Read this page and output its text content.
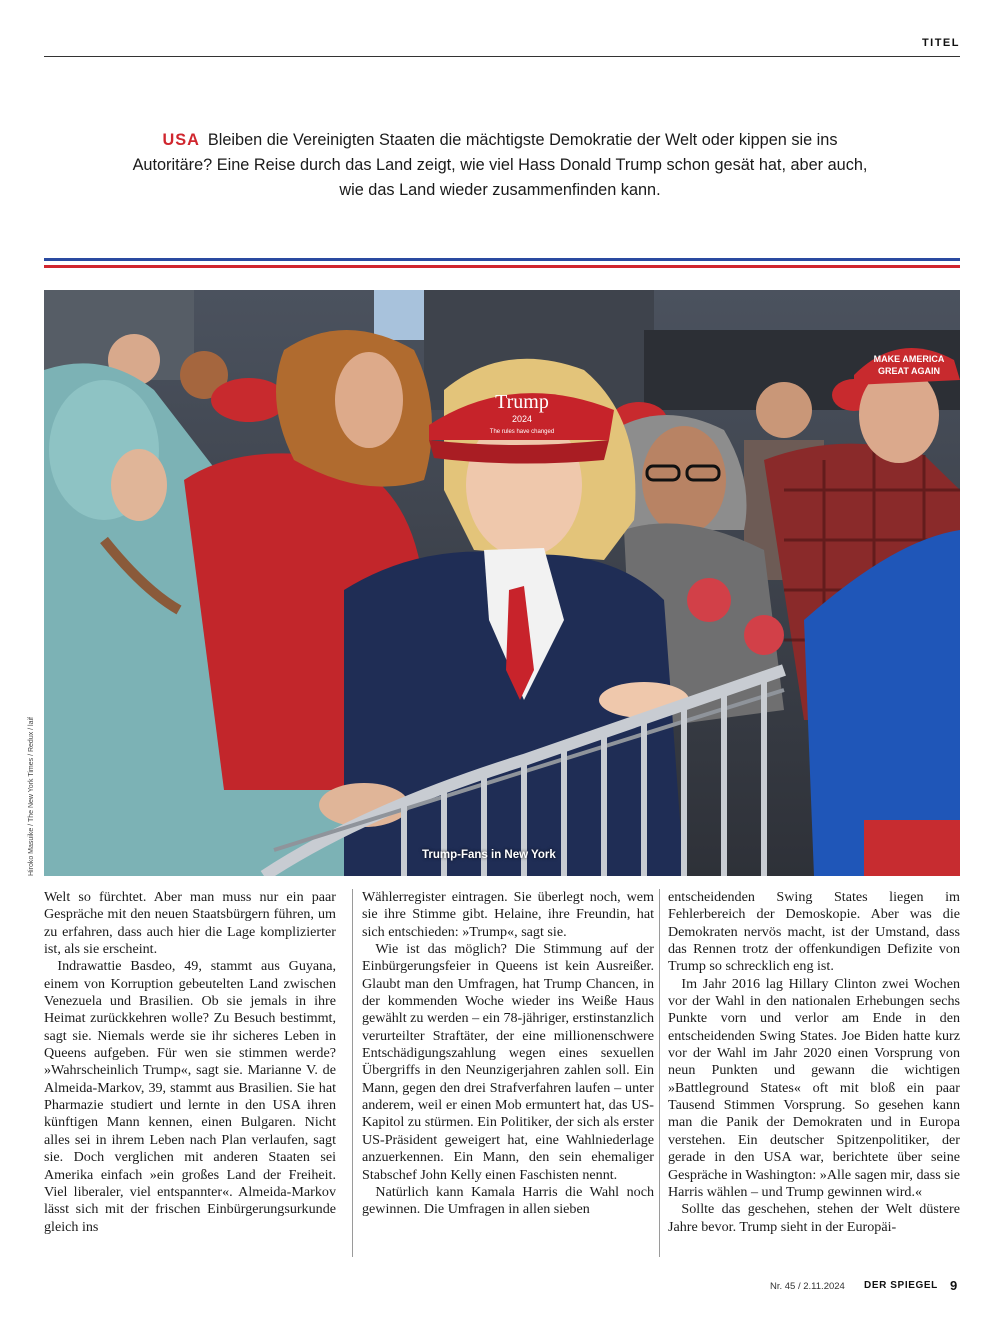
TITEL
USA Bleiben die Vereinigten Staaten die mächtigste Demokratie der Welt oder kippen sie ins Autoritäre? Eine Reise durch das Land zeigt, wie viel Hass Donald Trump schon gesät hat, aber auch, wie das Land wieder zusammenfinden kann.
MAKE AMERICA
GREAT AGAIN
Trump
2024
The rules have changed
Trump-Fans in New York
Hiroko Masuike / The New York Times / Redux / laif

Welt so fürchtet. Aber man muss nur ein paar Gespräche mit den neuen Staatsbürgern führen, um zu erfahren, dass auch hier die Lage komplizierter ist, als sie erscheint.

Indrawattie Basdeo, 49, stammt aus Guyana, einem von Korruption gebeutelten Land zwischen Venezuela und Brasilien. Ob sie jemals in ihre Heimat zurückkehren wolle? Zu Besuch bestimmt, sagt sie. Niemals werde sie ihr sicheres Leben in Queens aufgeben. Für wen sie stimmen werde? »Wahrscheinlich Trump«, sagt sie. Marianne V. de Almeida-Markov, 39, stammt aus Brasilien. Sie hat Pharmazie studiert und lernte in den USA ihren künftigen Mann kennen, einen Bulgaren. Nicht alles sei in ihrem Leben nach Plan verlaufen, sagt sie. Doch verglichen mit anderen Staaten sei Amerika einfach »ein großes Land der Freiheit. Viel liberaler, viel entspannter«. Almeida-Markov lässt sich mit der frischen Einbürgerungsurkunde gleich ins

Wählerregister eintragen. Sie überlegt noch, wem sie ihre Stimme gibt. Helaine, ihre Freundin, hat sich entschieden: »Trump«, sagt sie.

Wie ist das möglich? Die Stimmung auf der Einbürgerungsfeier in Queens ist kein Ausreißer. Glaubt man den Umfragen, hat Trump Chancen, in der kommenden Woche wieder ins Weiße Haus gewählt zu werden – ein 78-jähriger, erstinstanzlich verurteilter Straftäter, der eine millionenschwere Entschädigungszahlung wegen eines sexuellen Übergriffs in den Neunzigerjahren zahlen soll. Ein Mann, gegen den drei Strafverfahren laufen – unter anderem, weil er einen Mob ermuntert hat, das US-Kapitol zu stürmen. Ein Politiker, der sich als erster US-Präsident geweigert hat, eine Wahlniederlage anzuerkennen. Ein Mann, den sein ehemaliger Stabschef John Kelly einen Faschisten nennt.

Natürlich kann Kamala Harris die Wahl noch gewinnen. Die Umfragen in allen sieben

entscheidenden Swing States liegen im Fehlerbereich der Demoskopie. Aber was die Demokraten nervös macht, ist der Umstand, dass das Rennen trotz der offenkundigen Defizite von Trump so schrecklich eng ist.

Im Jahr 2016 lag Hillary Clinton zwei Wochen vor der Wahl in den nationalen Erhebungen sechs Punkte vorn und verlor am Ende in den entscheidenden Swing States. Joe Biden hatte kurz vor der Wahl im Jahr 2020 einen Vorsprung von neun Punkten und gewann die wichtigen »Battleground States« oft mit bloß ein paar Tausend Stimmen Vorsprung. So gesehen kann man die Panik der Demokraten und in Europa verstehen. Ein deutscher Spitzenpolitiker, der gerade in den USA war, berichtete über seine Gespräche in Washington: »Alle sagen mir, dass sie Harris wählen – und Trump gewinnen wird.«

Sollte das geschehen, stehen der Welt düstere Jahre bevor. Trump sieht in der Europäi-

Nr. 45 / 2.11.2024 DER SPIEGEL 9
